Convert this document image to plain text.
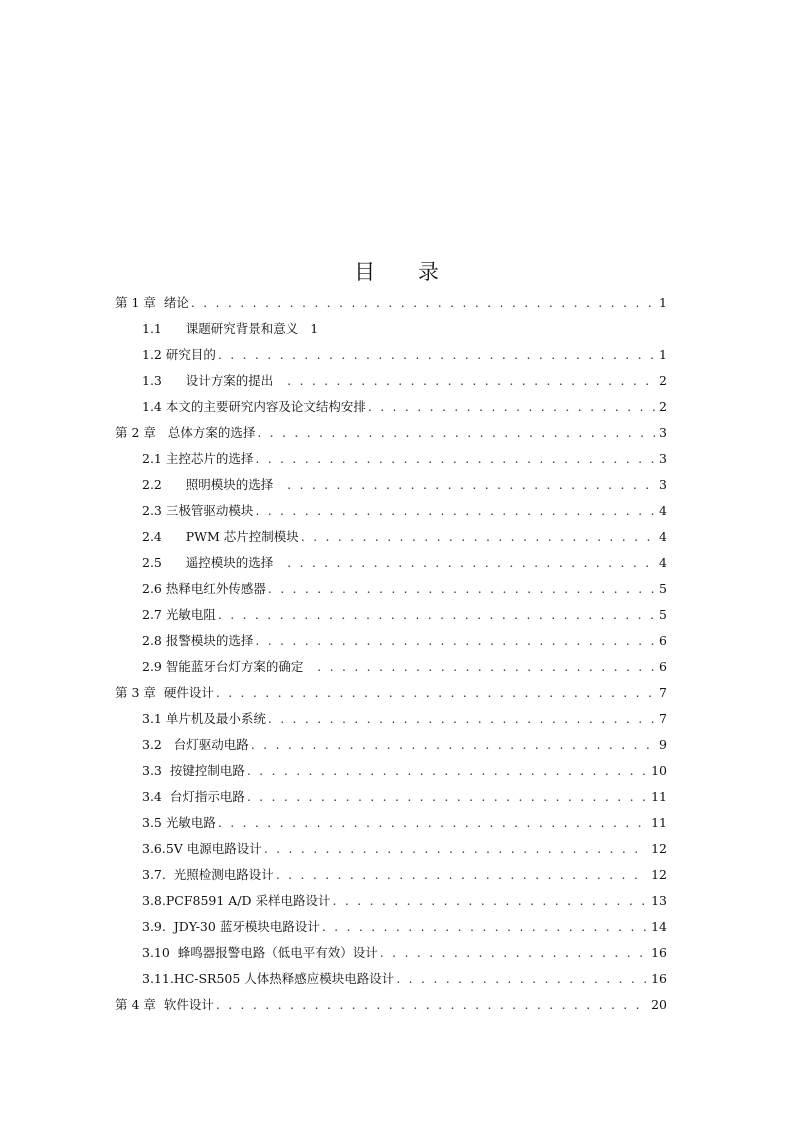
目 录
第 1 章  绪论 . . .	1
1.1      课题研究背景和意义 1
1.2 研究目的 . . .	1
1.3      设计方案的提出 . . .	2
1.4 本文的主要研究内容及论文结构安排 . . .	2
第 2 章   总体方案的选择 . . .	3
2.1 主控芯片的选择 . . .	3
2.2      照明模块的选择 . . .	3
2.3 三极管驱动模块 . . .	4
2.4      PWM 芯片控制模块 . . .	4
2.5      遥控模块的选择 . . .	4
2.6 热释电红外传感器 . . .	5
2.7 光敏电阻 . . .	5
2.8 报警模块的选择 . . .	6
2.9 智能蓝牙台灯方案的确定 . . .	6
第 3 章  硬件设计 . . .	7
3.1 单片机及最小系统 . . .	7
3.2   台灯驱动电路 . . .	9
3.3  按键控制电路 . . .	10
3.4  台灯指示电路 . . .	11
3.5 光敏电路 . . .	11
3.6.5V 电源电路设计 . . .	12
3.7.  光照检测电路设计 . . .	12
3.8.PCF8591 A/D 采样电路设计 . . .	13
3.9.  JDY-30 蓝牙模块电路设计 . . .	14
3.10  蜂鸣器报警电路（低电平有效）设计 . . .	16
3.11.HC-SR505 人体热释感应模块电路设计 . . .	16
第 4 章  软件设计 . . .	20
